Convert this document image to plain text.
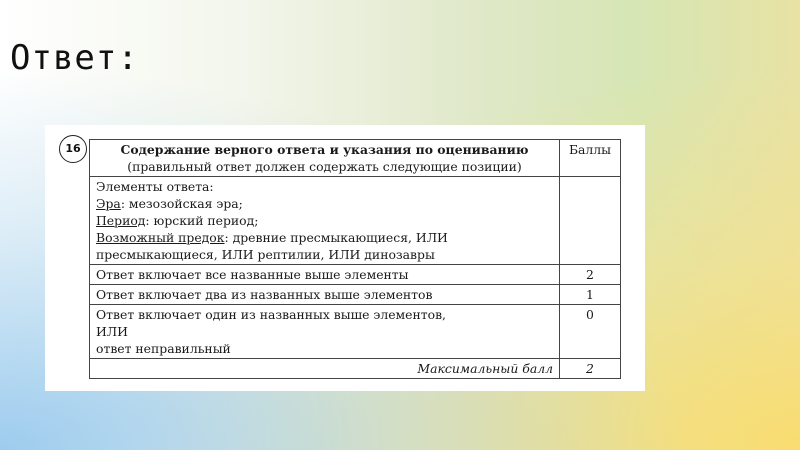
Ответ:
16	Содержание верного ответа и указания по оцениванию
(правильный ответ должен содержать следующие позиции)	Баллы

Элементы ответа:
Эра: мезозойская эра;
Период: юрский период;
Возможный предок: древние пресмыкающиеся, ИЛИ
пресмыкающиеся, ИЛИ рептилии, ИЛИ динозавры	

Ответ включает все названные выше элементы	2
Ответ включает два из названных выше элементов	1

Ответ включает один из названных выше элементов,
ИЛИ
ответ неправильный	0
Максимальный балл	2
